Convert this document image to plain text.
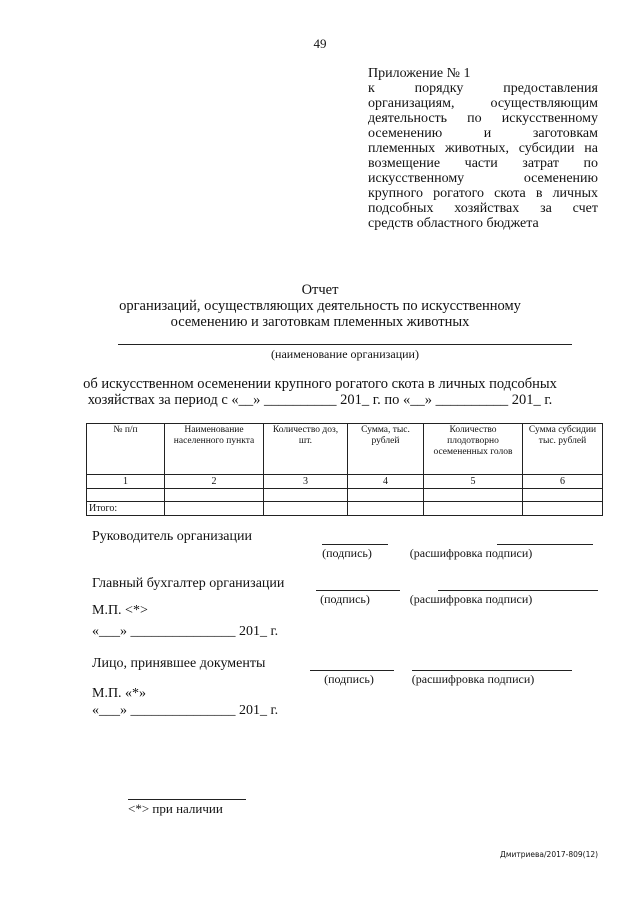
49
Приложение № 1
к порядку предоставления
организациям, осуществляющим
деятельность по искусственному
осеменению и заготовкам
племенных животных, субсидии на
возмещение части затрат по
искусственному осеменению
крупного рогатого скота в личных
подсобных хозяйствах за счет
средств областного бюджета
Отчет
организаций, осуществляющих деятельность по искусственному
осеменению и заготовкам племенных животных
(наименование организации)
об искусственном осеменении крупного рогатого скота в личных подсобных
хозяйствах за период с «__» __________ 201_ г. по «__» __________ 201_ г.
№ п/п	Наименование населенного пункта	Количество доз, шт.	Сумма, тыс. рублей	Количество плодотворно осемененных голов	Сумма субсидии тыс. рублей
1	2	3	4	5	6

Итого:					
Руководитель организации
(подпись)	(расшифровка подписи)
Главный бухгалтер организации
(подпись)	(расшифровка подписи)
М.П. <*>
«___» _______________ 201_ г.
Лицо, принявшее документы
(подпись)	(расшифровка подписи)
М.П. «*»
«___» _______________ 201_ г.
<*> при наличии
Дмитриева/2017-809(12)
